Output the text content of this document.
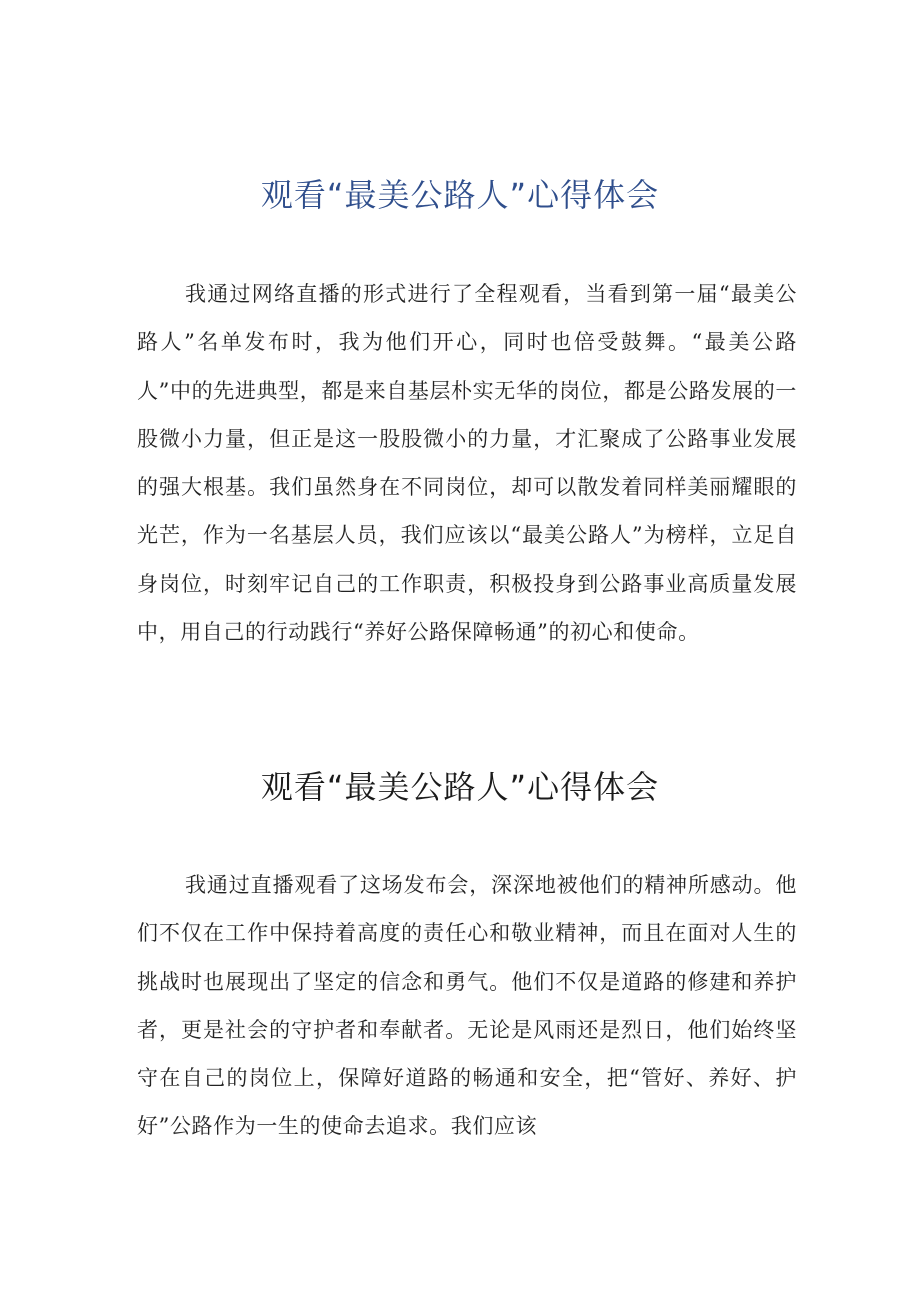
观看“最美公路人”心得体会

我通过网络直播的形式进行了全程观看，当看到第一届“最美公路人”名单发布时，我为他们开心，同时也倍受鼓舞。“最美公路人”中的先进典型，都是来自基层朴实无华的岗位，都是公路发展的一股微小力量，但正是这一股股微小的力量，才汇聚成了公路事业发展的强大根基。我们虽然身在不同岗位，却可以散发着同样美丽耀眼的光芒，作为一名基层人员，我们应该以“最美公路人”为榜样，立足自身岗位，时刻牢记自己的工作职责，积极投身到公路事业高质量发展中，用自己的行动践行“养好公路保障畅通”的初心和使命。

观看“最美公路人”心得体会

我通过直播观看了这场发布会，深深地被他们的精神所感动。他们不仅在工作中保持着高度的责任心和敬业精神，而且在面对人生的挑战时也展现出了坚定的信念和勇气。他们不仅是道路的修建和养护者，更是社会的守护者和奉献者。无论是风雨还是烈日，他们始终坚守在自己的岗位上，保障好道路的畅通和安全，把“管好、养好、护好”公路作为一生的使命去追求。我们应该
